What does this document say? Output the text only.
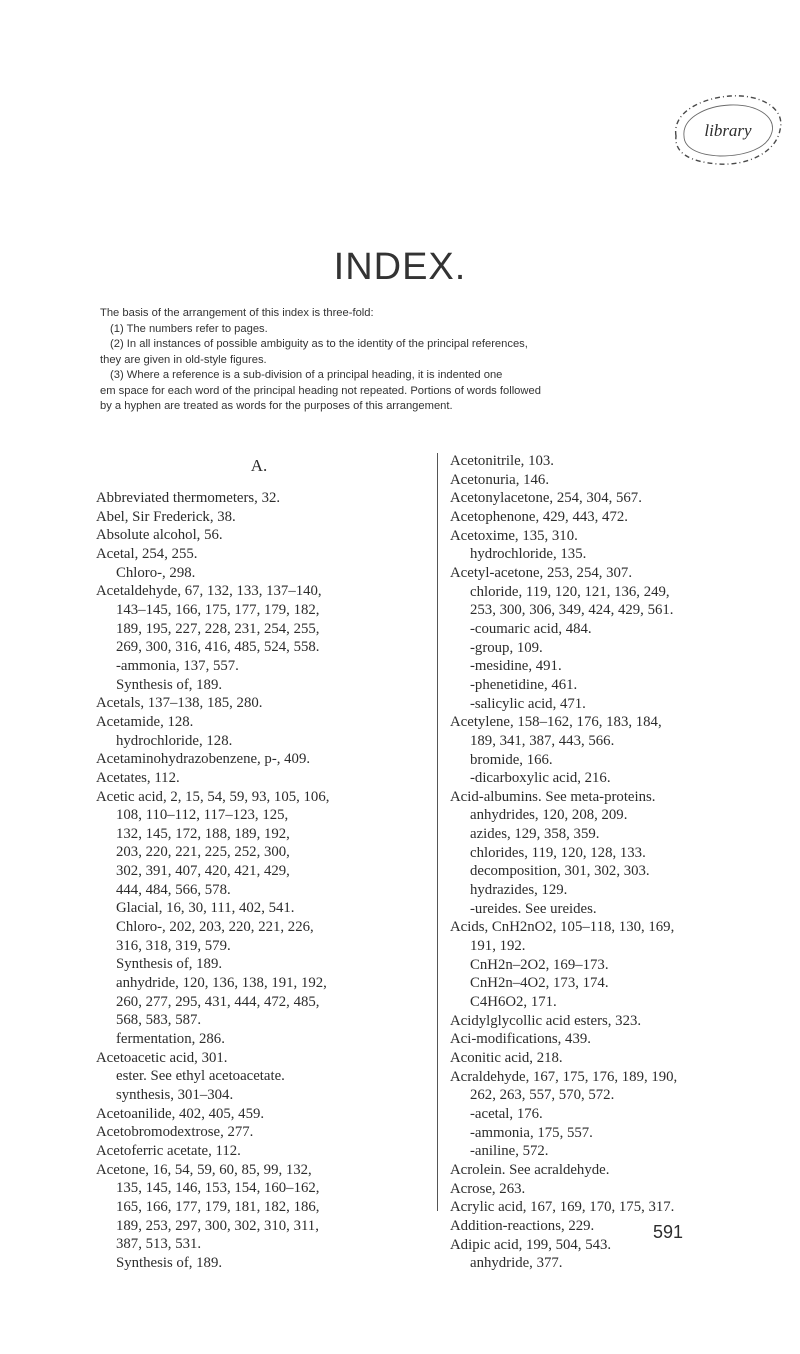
library
INDEX.

The basis of the arrangement of this index is three-fold:

(1) The numbers refer to pages.

(2) In all instances of possible ambiguity as to the identity of the principal references,

they are given in old-style figures.

(3) Where a reference is a sub-division of a principal heading, it is indented one

em space for each word of the principal heading not repeated. Portions of words followed

by a hyphen are treated as words for the purposes of this arrangement.

A.
Abbreviated thermometers, 32.
Abel, Sir Frederick, 38.
Absolute alcohol, 56.
Acetal, 254, 255.
Chloro-, 298.
Acetaldehyde, 67, 132, 133, 137–140,
143–145, 166, 175, 177, 179, 182,
189, 195, 227, 228, 231, 254, 255,
269, 300, 316, 416, 485, 524, 558.
-ammonia, 137, 557.
Synthesis of, 189.
Acetals, 137–138, 185, 280.
Acetamide, 128.
hydrochloride, 128.
Acetaminohydrazobenzene, p-, 409.
Acetates, 112.
Acetic acid, 2, 15, 54, 59, 93, 105, 106,
108, 110–112, 117–123, 125,
132, 145, 172, 188, 189, 192,
203, 220, 221, 225, 252, 300,
302, 391, 407, 420, 421, 429,
444, 484, 566, 578.
Glacial, 16, 30, 111, 402, 541.
Chloro-, 202, 203, 220, 221, 226,
316, 318, 319, 579.
Synthesis of, 189.
anhydride, 120, 136, 138, 191, 192,
260, 277, 295, 431, 444, 472, 485,
568, 583, 587.
fermentation, 286.
Acetoacetic acid, 301.
ester. See ethyl acetoacetate.
synthesis, 301–304.
Acetoanilide, 402, 405, 459.
Acetobromodextrose, 277.
Acetoferric acetate, 112.
Acetone, 16, 54, 59, 60, 85, 99, 132,
135, 145, 146, 153, 154, 160–162,
165, 166, 177, 179, 181, 182, 186,
189, 253, 297, 300, 302, 310, 311,
387, 513, 531.
Synthesis of, 189.
Acetonitrile, 103.
Acetonuria, 146.
Acetonylacetone, 254, 304, 567.
Acetophenone, 429, 443, 472.
Acetoxime, 135, 310.
hydrochloride, 135.
Acetyl-acetone, 253, 254, 307.
chloride, 119, 120, 121, 136, 249,
253, 300, 306, 349, 424, 429, 561.
-coumaric acid, 484.
-group, 109.
-mesidine, 491.
-phenetidine, 461.
-salicylic acid, 471.
Acetylene, 158–162, 176, 183, 184,
189, 341, 387, 443, 566.
bromide, 166.
-dicarboxylic acid, 216.
Acid-albumins. See meta-proteins.
anhydrides, 120, 208, 209.
azides, 129, 358, 359.
chlorides, 119, 120, 128, 133.
decomposition, 301, 302, 303.
hydrazides, 129.
-ureides. See ureides.
Acids, CnH2nO2, 105–118, 130, 169,
191, 192.
CnH2n–2O2, 169–173.
CnH2n–4O2, 173, 174.
C4H6O2, 171.
Acidylglycollic acid esters, 323.
Aci-modifications, 439.
Aconitic acid, 218.
Acraldehyde, 167, 175, 176, 189, 190,
262, 263, 557, 570, 572.
-acetal, 176.
-ammonia, 175, 557.
-aniline, 572.
Acrolein. See acraldehyde.
Acrose, 263.
Acrylic acid, 167, 169, 170, 175, 317.
Addition-reactions, 229.
Adipic acid, 199, 504, 543.
anhydride, 377.
591
